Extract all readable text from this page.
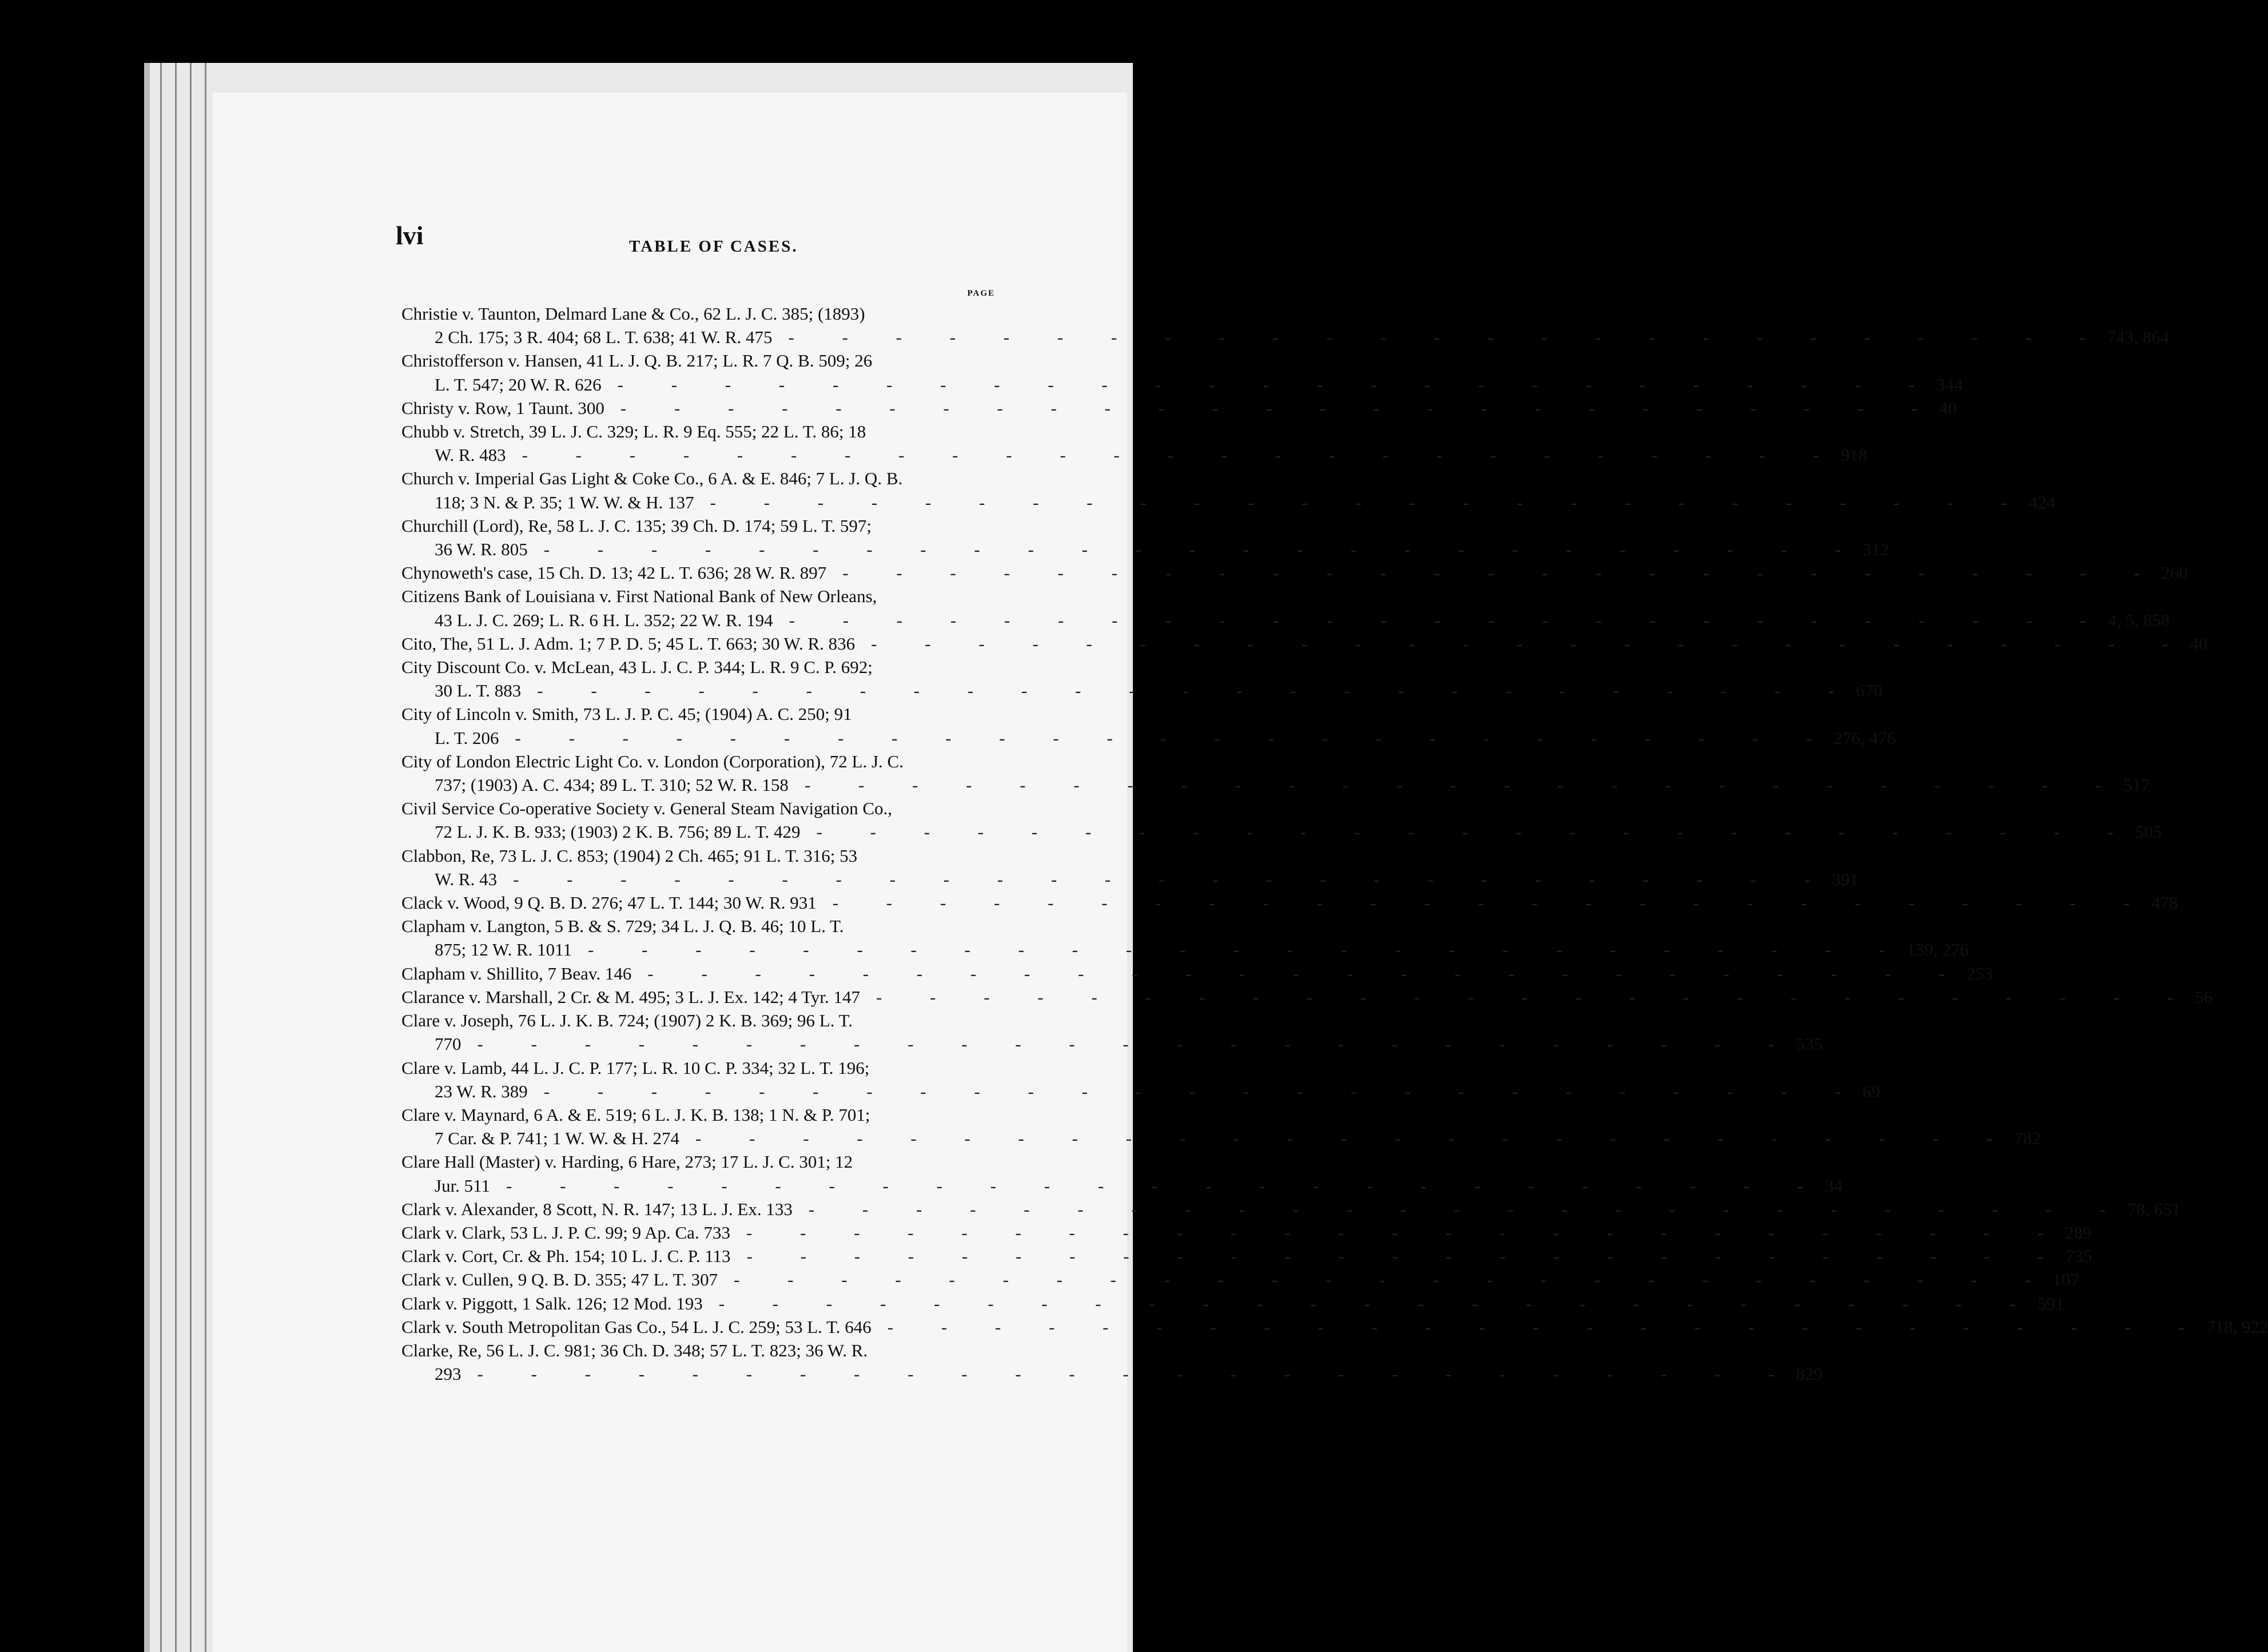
lvi	TABLE OF CASES.
PAGE
Christie v. Taunton, Delmard Lane & Co., 62 L. J. C. 385; (1893)
2 Ch. 175; 3 R. 404; 68 L. T. 638; 41 W. R. 475 - - - - - - - - - - - - - - - - - - - - - - - - - 743, 864
Christofferson v. Hansen, 41 L. J. Q. B. 217; L. R. 7 Q. B. 509; 26
L. T. 547; 20 W. R. 626 - - - - - - - - - - - - - - - - - - - - - - - - - 344
Christy v. Row, 1 Taunt. 300 - - - - - - - - - - - - - - - - - - - - - - - - - 40
Chubb v. Stretch, 39 L. J. C. 329; L. R. 9 Eq. 555; 22 L. T. 86; 18
W. R. 483 - - - - - - - - - - - - - - - - - - - - - - - - - 918
Church v. Imperial Gas Light & Coke Co., 6 A. & E. 846; 7 L. J. Q. B.
118; 3 N. & P. 35; 1 W. W. & H. 137 - - - - - - - - - - - - - - - - - - - - - - - - - 424
Churchill (Lord), Re, 58 L. J. C. 135; 39 Ch. D. 174; 59 L. T. 597;
36 W. R. 805 - - - - - - - - - - - - - - - - - - - - - - - - - 312
Chynoweth's case, 15 Ch. D. 13; 42 L. T. 636; 28 W. R. 897 - - - - - - - - - - - - - - - - - - - - - - - - - 260
Citizens Bank of Louisiana v. First National Bank of New Orleans,
43 L. J. C. 269; L. R. 6 H. L. 352; 22 W. R. 194 - - - - - - - - - - - - - - - - - - - - - - - - - 4, 5, 858
Cito, The, 51 L. J. Adm. 1; 7 P. D. 5; 45 L. T. 663; 30 W. R. 836 - - - - - - - - - - - - - - - - - - - - - - - - - 40
City Discount Co. v. McLean, 43 L. J. C. P. 344; L. R. 9 C. P. 692;
30 L. T. 883 - - - - - - - - - - - - - - - - - - - - - - - - - 670
City of Lincoln v. Smith, 73 L. J. P. C. 45; (1904) A. C. 250; 91
L. T. 206 - - - - - - - - - - - - - - - - - - - - - - - - - 276, 476
City of London Electric Light Co. v. London (Corporation), 72 L. J. C.
737; (1903) A. C. 434; 89 L. T. 310; 52 W. R. 158 - - - - - - - - - - - - - - - - - - - - - - - - - 517
Civil Service Co-operative Society v. General Steam Navigation Co.,
72 L. J. K. B. 933; (1903) 2 K. B. 756; 89 L. T. 429 - - - - - - - - - - - - - - - - - - - - - - - - - 505
Clabbon, Re, 73 L. J. C. 853; (1904) 2 Ch. 465; 91 L. T. 316; 53
W. R. 43 - - - - - - - - - - - - - - - - - - - - - - - - - 391
Clack v. Wood, 9 Q. B. D. 276; 47 L. T. 144; 30 W. R. 931 - - - - - - - - - - - - - - - - - - - - - - - - - 478
Clapham v. Langton, 5 B. & S. 729; 34 L. J. Q. B. 46; 10 L. T.
875; 12 W. R. 1011 - - - - - - - - - - - - - - - - - - - - - - - - - 139, 276
Clapham v. Shillito, 7 Beav. 146 - - - - - - - - - - - - - - - - - - - - - - - - - 253
Clarance v. Marshall, 2 Cr. & M. 495; 3 L. J. Ex. 142; 4 Tyr. 147 - - - - - - - - - - - - - - - - - - - - - - - - - 56
Clare v. Joseph, 76 L. J. K. B. 724; (1907) 2 K. B. 369; 96 L. T.
770 - - - - - - - - - - - - - - - - - - - - - - - - - 535
Clare v. Lamb, 44 L. J. C. P. 177; L. R. 10 C. P. 334; 32 L. T. 196;
23 W. R. 389 - - - - - - - - - - - - - - - - - - - - - - - - - 69
Clare v. Maynard, 6 A. & E. 519; 6 L. J. K. B. 138; 1 N. & P. 701;
7 Car. & P. 741; 1 W. W. & H. 274 - - - - - - - - - - - - - - - - - - - - - - - - - 782
Clare Hall (Master) v. Harding, 6 Hare, 273; 17 L. J. C. 301; 12
Jur. 511 - - - - - - - - - - - - - - - - - - - - - - - - - 34
Clark v. Alexander, 8 Scott, N. R. 147; 13 L. J. Ex. 133 - - - - - - - - - - - - - - - - - - - - - - - - - 78, 651
Clark v. Clark, 53 L. J. P. C. 99; 9 Ap. Ca. 733 - - - - - - - - - - - - - - - - - - - - - - - - - 289
Clark v. Cort, Cr. & Ph. 154; 10 L. J. C. P. 113 - - - - - - - - - - - - - - - - - - - - - - - - - 735
Clark v. Cullen, 9 Q. B. D. 355; 47 L. T. 307 - - - - - - - - - - - - - - - - - - - - - - - - - 107
Clark v. Piggott, 1 Salk. 126; 12 Mod. 193 - - - - - - - - - - - - - - - - - - - - - - - - - 591
Clark v. South Metropolitan Gas Co., 54 L. J. C. 259; 53 L. T. 646 - - - - - - - - - - - - - - - - - - - - - - - - - 718, 922
Clarke, Re, 56 L. J. C. 981; 36 Ch. D. 348; 57 L. T. 823; 36 W. R.
293 - - - - - - - - - - - - - - - - - - - - - - - - - 829
